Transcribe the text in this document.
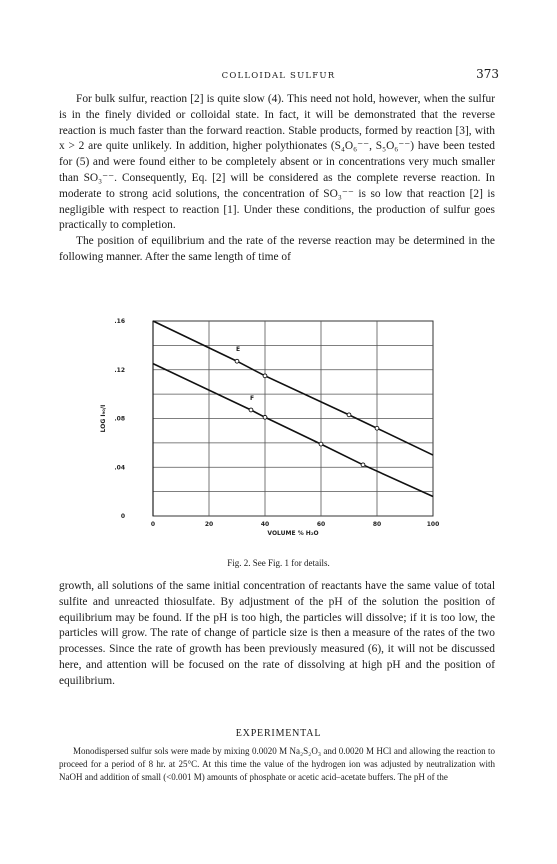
COLLOIDAL SULFUR	373

For bulk sulfur, reaction [2] is quite slow (4). This need not hold, however, when the sulfur is in the finely divided or colloidal state. In fact, it will be demonstrated that the reverse reaction is much faster than the forward reaction. Stable products, formed by reaction [3], with x > 2 are quite unlikely. In addition, higher polythionates (S₄O₆⁻⁻, S₅O₆⁻⁻) have been tested for (5) and were found either to be completely absent or in concentrations very much smaller than SO₃⁻⁻. Consequently, Eq. [2] will be considered as the complete reverse reaction. In moderate to strong acid solutions, the concentration of SO₃⁻⁻ is so low that reaction [2] is negligible with respect to reaction [1]. Under these conditions, the production of sulfur goes practically to completion.

The position of equilibrium and the rate of the reverse reaction may be determined in the following manner. After the same length of time of

0	20	40	60	80	100
.16
.12
.08
.04
0
E
F
VOLUME % H₂O
LOG I₉₀/I
Fig. 2. See Fig. 1 for details.

growth, all solutions of the same initial concentration of reactants have the same value of total sulfite and unreacted thiosulfate. By adjustment of the pH of the solution the position of equilibrium may be found. If the pH is too high, the particles will dissolve; if it is too low, the particles will grow. The rate of change of particle size is then a measure of the rates of the two processes. Since the rate of growth has been previously measured (6), it will not be discussed here, and attention will be focused on the rate of dissolving at high pH and the position of equilibrium.

EXPERIMENTAL

Monodispersed sulfur sols were made by mixing 0.0020 M Na₂S₂O₃ and 0.0020 M HCl and allowing the reaction to proceed for a period of 8 hr. at 25°C. At this time the value of the hydrogen ion was adjusted by neutralization with NaOH and addition of small (<0.001 M) amounts of phosphate or acetic acid–acetate buffers. The pH of the
